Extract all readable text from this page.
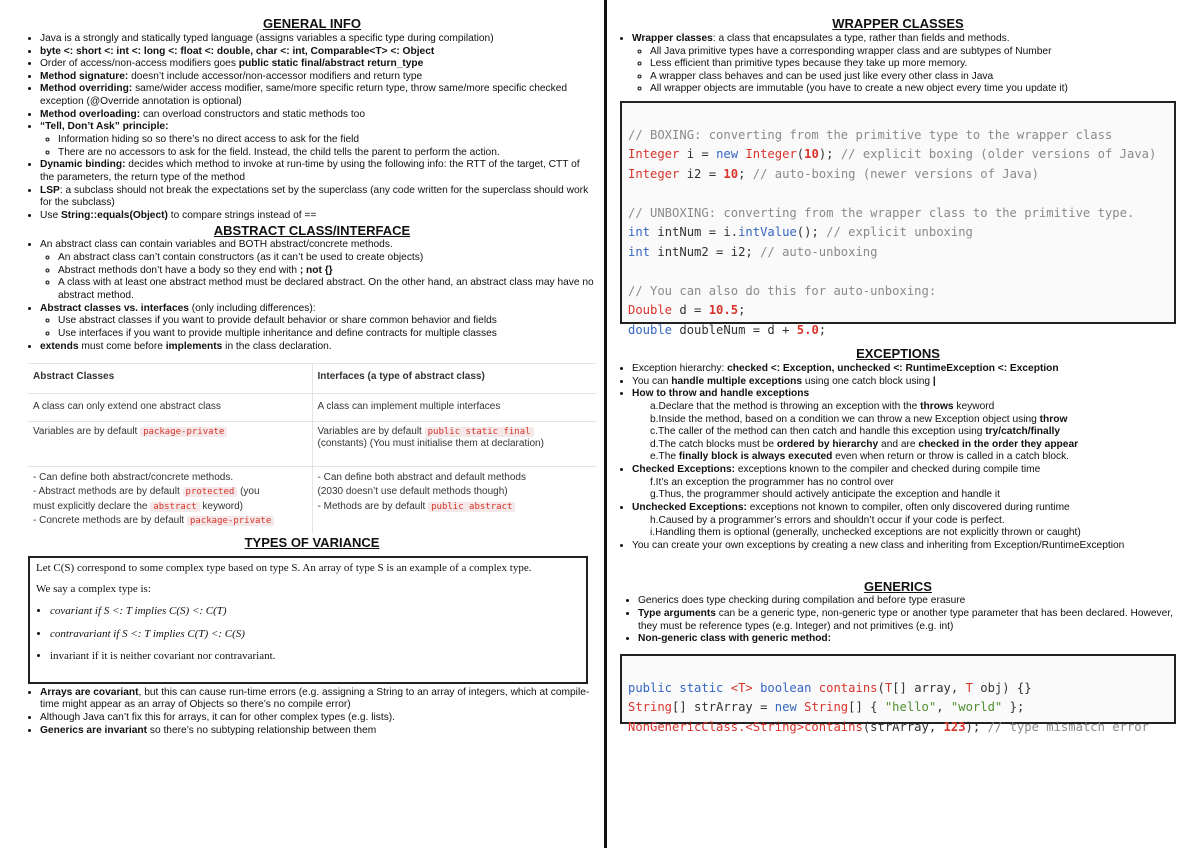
GENERAL INFO
• Java is a strongly and statically typed language (assigns variables a specific type during compilation)
• byte <: short <: int <: long <: float <: double, char <: int, Comparable<T> <: Object
• Order of access/non-access modifiers goes public static final/abstract return_type
• Method signature: doesn’t include accessor/non-accessor modifiers and return type
• Method overriding: same/wider access modifier, same/more specific return type, throw same/more specific checked exception (@Override annotation is optional)
• Method overloading: can overload constructors and static methods too
• “Tell, Don’t Ask” principle:
◦ Information hiding so so there’s no direct access to ask for the field
◦ There are no accessors to ask for the field. Instead, the child tells the parent to perform the action.
• Dynamic binding: decides which method to invoke at run-time by using the following info: the RTT of the target, CTT of the parameters, the return type of the method
• LSP: a subclass should not break the expectations set by the superclass (any code written for the superclass should work for the subclass)
• Use String::equals(Object) to compare strings instead of ==
ABSTRACT CLASS/INTERFACE
• An abstract class can contain variables and BOTH abstract/concrete methods.
◦ An abstract class can’t contain constructors (as it can’t be used to create objects)
◦ Abstract methods don’t have a body so they end with ; not {}
◦ A class with at least one abstract method must be declared abstract. On the other hand, an abstract class may have no abstract method.
• Abstract classes vs. interfaces (only including differences):
◦ Use abstract classes if you want to provide default behavior or share common behavior and fields
◦ Use interfaces if you want to provide multiple inheritance and define contracts for multiple classes
• extends must come before implements in the class declaration.
Abstract Classes	Interfaces (a type of abstract class)
A class can only extend one abstract class	A class can implement multiple interfaces
Variables are by default package-private	Variables are by default public static final
(constants) (You must initialise them at declaration)
- Can define both abstract/concrete methods.
- Abstract methods are by default protected (you
must explicitly declare the abstract keyword)
- Concrete methods are by default package-private	- Can define both abstract and default methods
(2030 doesn’t use default methods though)
- Methods are by default public abstract
TYPES OF VARIANCE

Let C(S) correspond to some complex type based on type S. An array of type S is an example of a complex type.

We say a complex type is:

• covariant if S <: T implies C(S) <: C(T)
• contravariant if S <: T implies C(T) <: C(S)
• invariant if it is neither covariant nor contravariant.
• Arrays are covariant, but this can cause run-time errors (e.g. assigning a String to an array of integers, which at compile-time might appear as an array of Objects so there’s no compile error)
• Although Java can’t fix this for arrays, it can for other complex types (e.g. lists).
• Generics are invariant so there’s no subtyping relationship between them
WRAPPER CLASSES
• Wrapper classes: a class that encapsulates a type, rather than fields and methods.
◦ All Java primitive types have a corresponding wrapper class and are subtypes of Number
◦ Less efficient than primitive types because they take up more memory.
◦ A wrapper class behaves and can be used just like every other class in Java
◦ All wrapper objects are immutable (you have to create a new object every time you update it)

// BOXING: converting from the primitive type to the wrapper class
Integer i = new Integer(10); // explicit boxing (older versions of Java)
Integer i2 = 10; // auto-boxing (newer versions of Java)

// UNBOXING: converting from the wrapper class to the primitive type.
int intNum = i.intValue(); // explicit unboxing
int intNum2 = i2; // auto-unboxing

// You can also do this for auto-unboxing:
Double d = 10.5;
double doubleNum = d + 5.0;
EXCEPTIONS
• Exception hierarchy: checked <: Exception, unchecked <: RuntimeException <: Exception
• You can handle multiple exceptions using one catch block using |
• How to throw and handle exceptions
a.Declare that the method is throwing an exception with the throws keyword
b.Inside the method, based on a condition we can throw a new Exception object using throw
c.The caller of the method can then catch and handle this exception using try/catch/finally
d.The catch blocks must be ordered by hierarchy and are checked in the order they appear
e.The finally block is always executed even when return or throw is called in a catch block.
• Checked Exceptions: exceptions known to the compiler and checked during compile time
f.It’s an exception the programmer has no control over
g.Thus, the programmer should actively anticipate the exception and handle it
• Unchecked Exceptions: exceptions not known to compiler, often only discovered during runtime
h.Caused by a programmer’s errors and shouldn’t occur if your code is perfect.
i.Handling them is optional (generally, unchecked exceptions are not explicitly thrown or caught)
• You can create your own exceptions by creating a new class and inheriting from Exception/RuntimeException
GENERICS
• Generics does type checking during compilation and before type erasure
• Type arguments can be a generic type, non-generic type or another type parameter that has been declared. However, they must be reference types (e.g. Integer) and not primitives (e.g. int)
• Non-generic class with generic method:

public static <T> boolean contains(T[] array, T obj) {}
String[] strArray = new String[] { "hello", "world" };
NonGenericClass.<String>contains(strArray, 123); // type mismatch error
